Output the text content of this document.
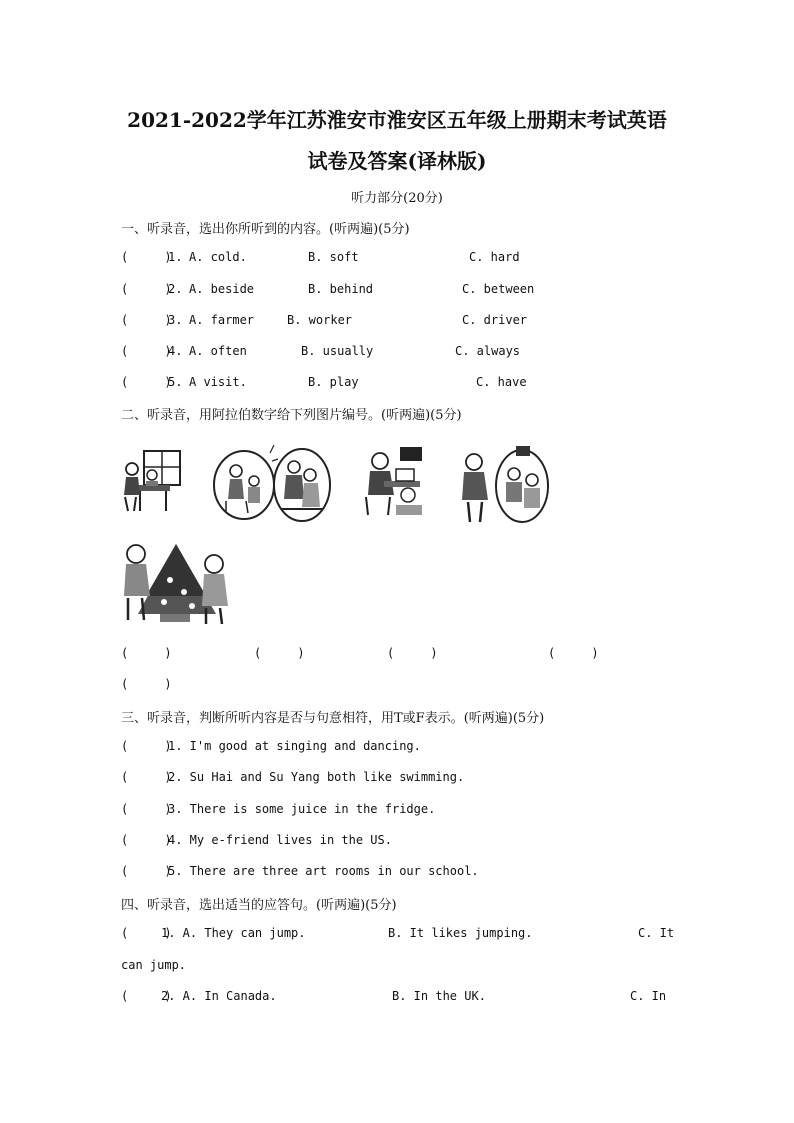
2021-2022学年江苏淮安市淮安区五年级上册期末考试英语
试卷及答案(译林版)
听力部分(20分)
一、听录音，选出你所听到的内容。(听两遍)(5分)
(     )
1. A. cold.	B. soft	C. hard
(     )
2. A. beside	B. behind	C. between
(     )
3. A. farmer	B. worker	C. driver
(     )
4. A. often	B. usually	C. always
(     )
5. A visit.	B. play	C. have
二、听录音，用阿拉伯数字给下列图片编号。(听两遍)(5分)
(     )	(     )	(     )	(     )
(     )
三、听录音，判断所听内容是否与句意相符，用T或F表示。(听两遍)(5分)
(     )
1. I'm good at singing and dancing.
(     )
2. Su Hai and Su Yang both like swimming.
(     )
3. There is some juice in the fridge.
(     )
4. My e-friend lives in the US.
(     )
5. There are three art rooms in our school.
四、听录音，选出适当的应答句。(听两遍)(5分)
(     )
1. A. They can jump.	B. It likes jumping.	C. It
can jump.
(     )
2. A. In Canada.	B. In the UK.	C. In
